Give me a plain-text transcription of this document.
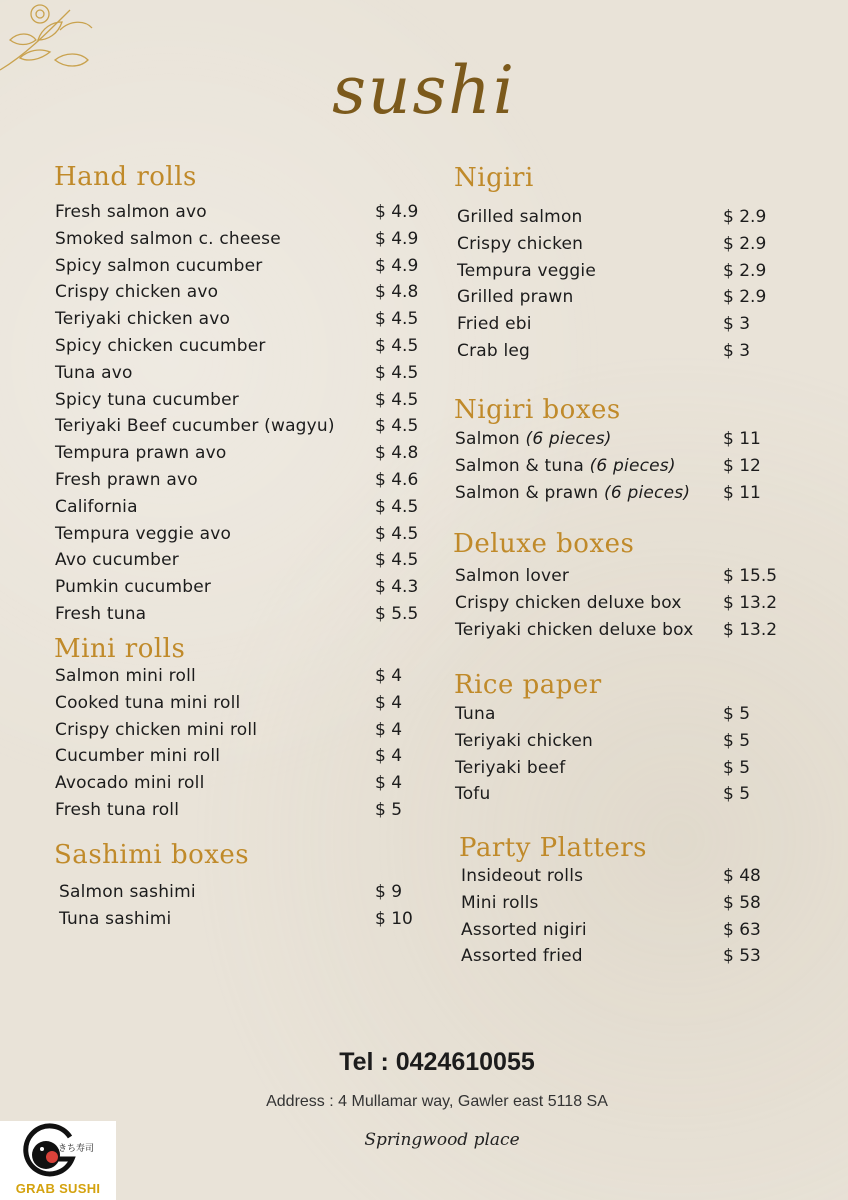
sushi
Hand rolls
Fresh salmon avo	$ 4.9
Smoked salmon c. cheese	$ 4.9
Spicy salmon cucumber	$ 4.9
Crispy chicken avo	$ 4.8
Teriyaki chicken avo	$ 4.5
Spicy chicken cucumber	$ 4.5
Tuna avo	$ 4.5
Spicy tuna cucumber	$ 4.5
Teriyaki Beef cucumber (wagyu) $ 4.5
Tempura prawn avo	$ 4.8
Fresh prawn avo	$ 4.6
California	$ 4.5
Tempura veggie avo	$ 4.5
Avo cucumber	$ 4.5
Pumkin cucumber	$ 4.3
Fresh tuna	$ 5.5
Mini rolls
Salmon mini roll	$ 4
Cooked tuna mini roll	$ 4
Crispy chicken mini roll	$ 4
Cucumber mini roll	$ 4
Avocado mini roll	$ 4
Fresh tuna roll	$ 5
Sashimi boxes
Salmon sashimi	$ 9
Tuna sashimi	$ 10
Nigiri
Grilled salmon	$ 2.9
Crispy chicken	$ 2.9
Tempura veggie	$ 2.9
Grilled prawn	$ 2.9
Fried ebi	$ 3
Crab leg	$ 3
Nigiri boxes
Salmon (6 pieces)	$ 11
Salmon & tuna (6 pieces)	$ 12
Salmon & prawn (6 pieces) $ 11
Deluxe boxes
Salmon lover	$ 15.5
Crispy chicken deluxe box $ 13.2
Teriyaki chicken deluxe box $ 13.2
Rice paper
Tuna	$ 5
Teriyaki chicken	$ 5
Teriyaki beef	$ 5
Tofu	$ 5
Party Platters
Insideout rolls	$ 48
Mini rolls	$ 58
Assorted nigiri	$ 63
Assorted fried	$ 53
Tel : 0424610055
Address : 4 Mullamar way, Gawler east 5118 SA
Springwood place
きち寿司
GRAB SUSHI
